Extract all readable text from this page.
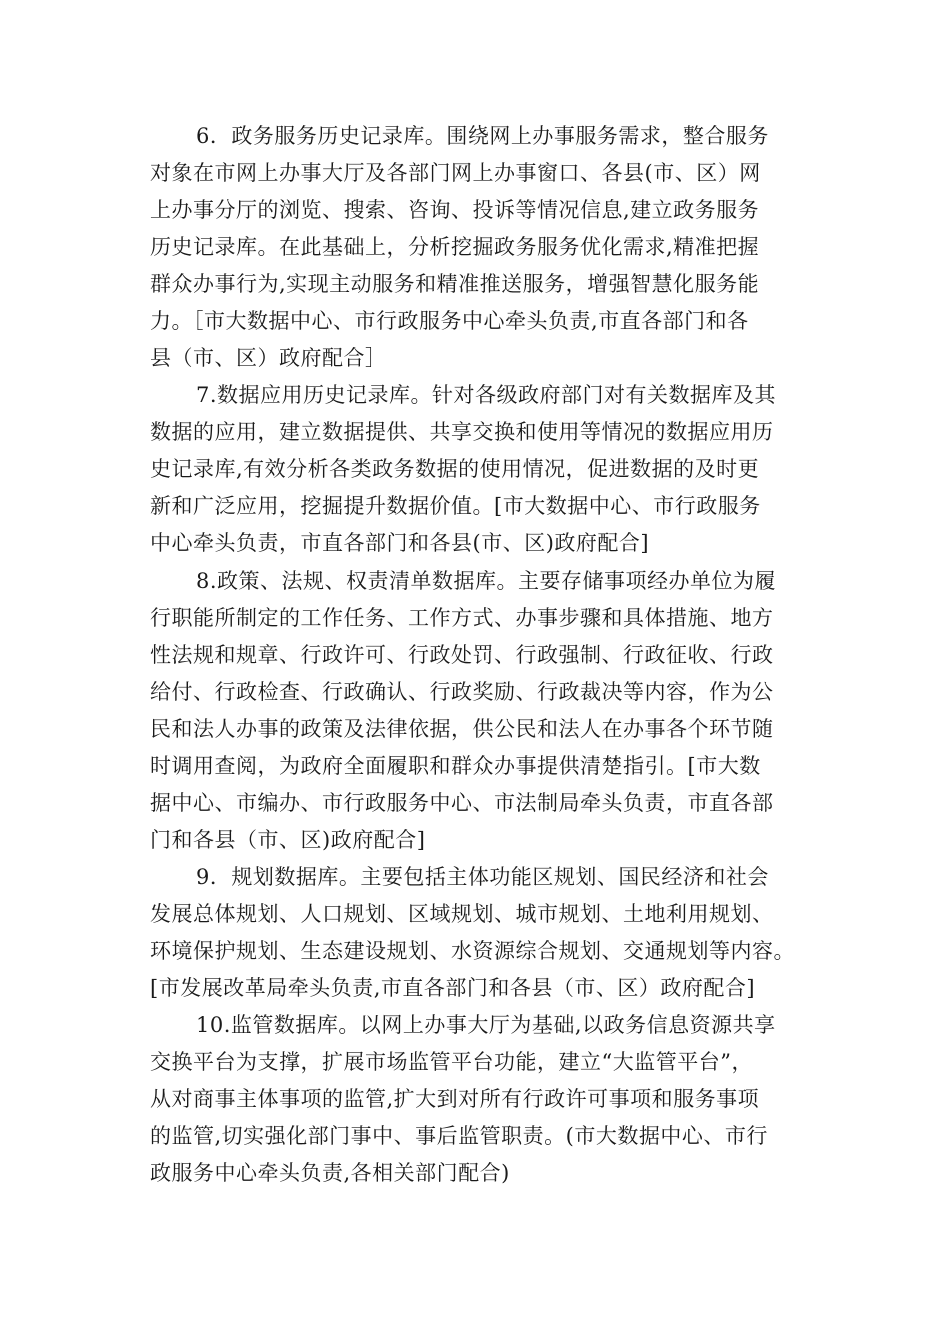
6．政务服务历史记录库。围绕网上办事服务需求，整合服务
对象在市网上办事大厅及各部门网上办事窗口、各县(市、区）网
上办事分厅的浏览、搜索、咨询、投诉等情况信息,建立政务服务
历史记录库。在此基础上，分析挖掘政务服务优化需求,精准把握
群众办事行为,实现主动服务和精准推送服务，增强智慧化服务能
力。［市大数据中心、市行政服务中心牵头负责,市直各部门和各
县（市、区）政府配合］
7.数据应用历史记录库。针对各级政府部门对有关数据库及其
数据的应用，建立数据提供、共享交换和使用等情况的数据应用历
史记录库,有效分析各类政务数据的使用情况，促进数据的及时更
新和广泛应用，挖掘提升数据价值。[市大数据中心、市行政服务
中心牵头负责，市直各部门和各县(市、区)政府配合]
8.政策、法规、权责清单数据库。主要存储事项经办单位为履
行职能所制定的工作任务、工作方式、办事步骤和具体措施、地方
性法规和规章、行政许可、行政处罚、行政强制、行政征收、行政
给付、行政检查、行政确认、行政奖励、行政裁决等内容，作为公
民和法人办事的政策及法律依据，供公民和法人在办事各个环节随
时调用查阅，为政府全面履职和群众办事提供清楚指引。[市大数
据中心、市编办、市行政服务中心、市法制局牵头负责，市直各部
门和各县（市、区)政府配合]
9．规划数据库。主要包括主体功能区规划、国民经济和社会
发展总体规划、人口规划、区域规划、城市规划、土地利用规划、
环境保护规划、生态建设规划、水资源综合规划、交通规划等内容。
[市发展改革局牵头负责,市直各部门和各县（市、区）政府配合]
10.监管数据库。以网上办事大厅为基础,以政务信息资源共享
交换平台为支撑，扩展市场监管平台功能，建立“大监管平台”，
从对商事主体事项的监管,扩大到对所有行政许可事项和服务事项
的监管,切实强化部门事中、事后监管职责。(市大数据中心、市行
政服务中心牵头负责,各相关部门配合)
